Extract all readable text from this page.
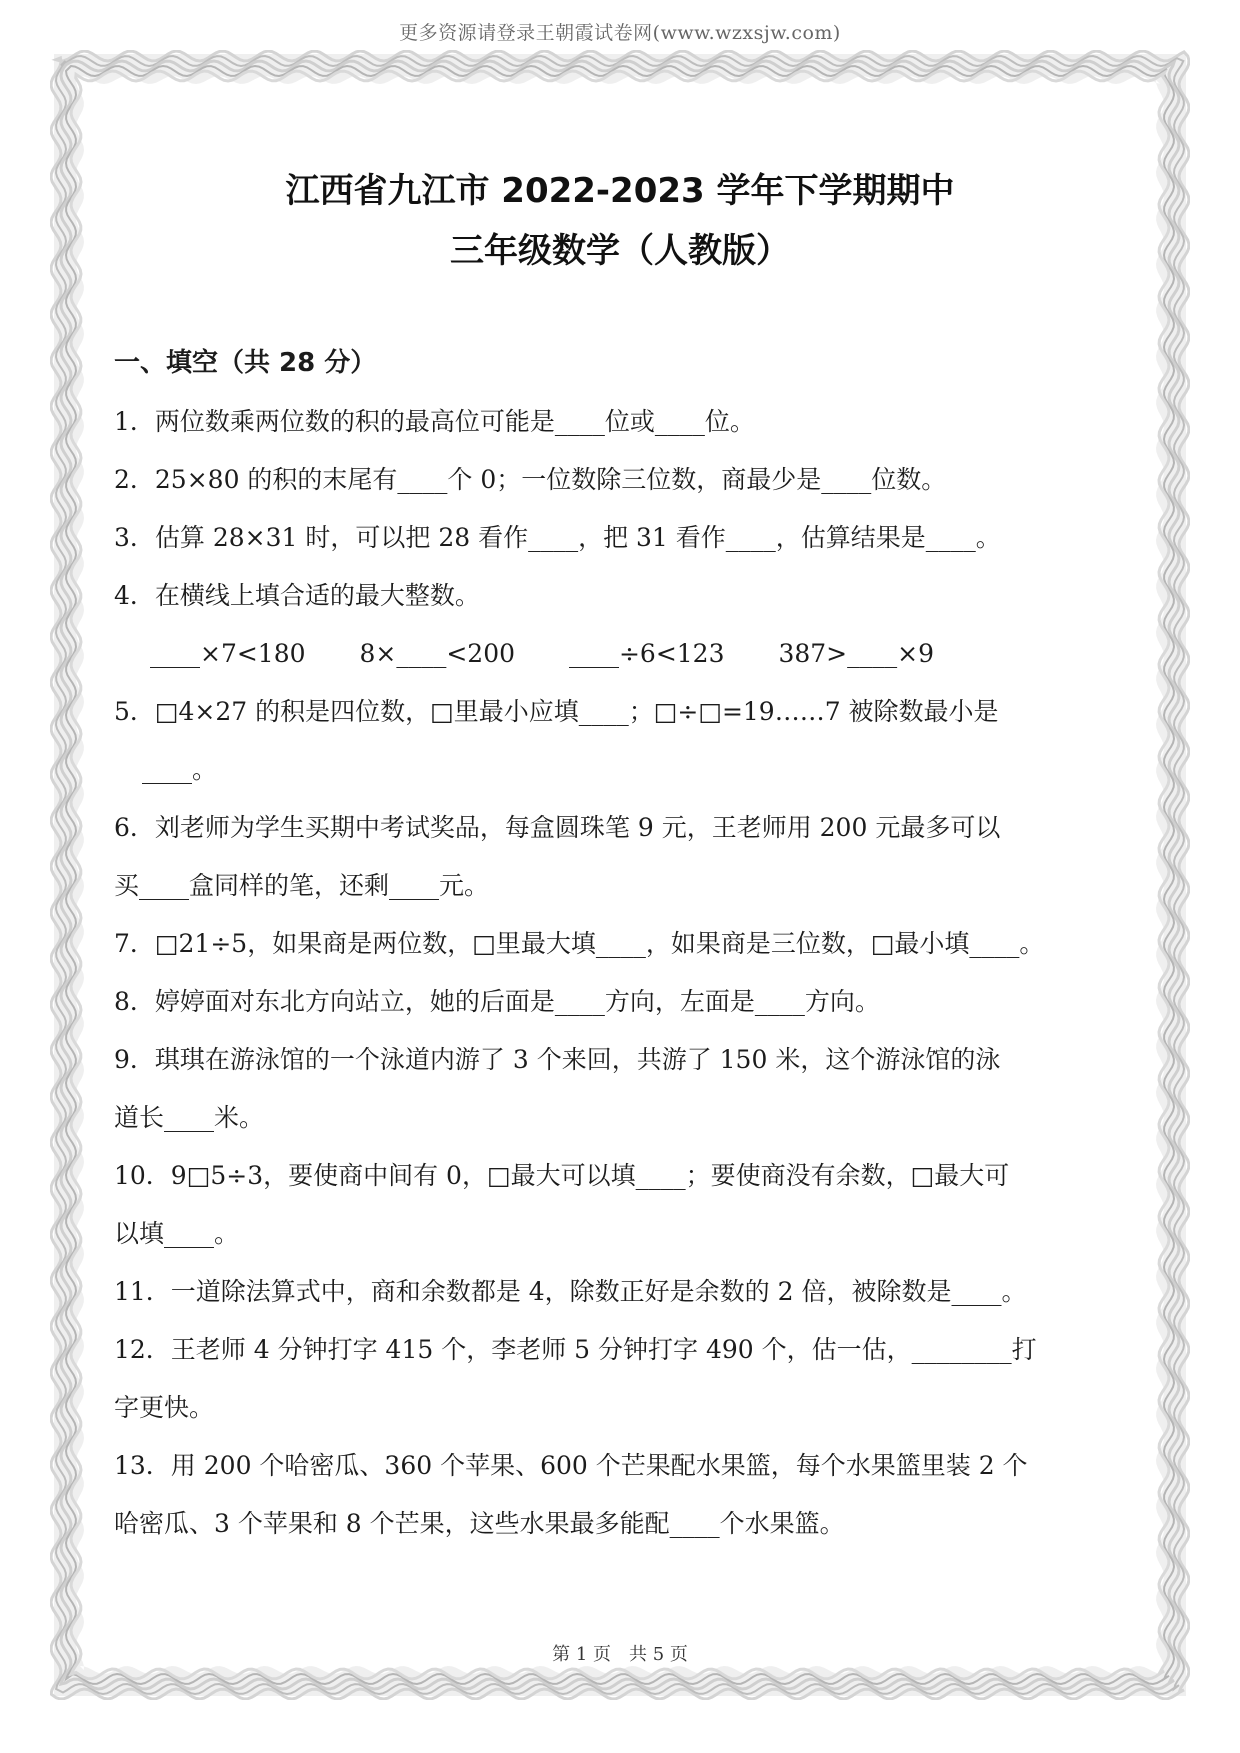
更多资源请登录王朝霞试卷网(www.wzxsjw.com)
江西省九江市 2022-2023 学年下学期期中
三年级数学（人教版）
一、填空（共 28 分）
1．两位数乘两位数的积的最高位可能是____位或____位。
2．25×80 的积的末尾有____个 0；一位数除三位数，商最少是____位数。
3．估算 28×31 时，可以把 28 看作____，把 31 看作____，估算结果是____。
4．在横线上填合适的最大整数。
____×7<180 8×____<200 ____÷6<123 387>____×9
5．□4×27 的积是四位数，□里最小应填____；□÷□=19……7 被除数最小是
____。
6．刘老师为学生买期中考试奖品，每盒圆珠笔 9 元，王老师用 200 元最多可以
买____盒同样的笔，还剩____元。
7．□21÷5，如果商是两位数，□里最大填____，如果商是三位数，□最小填____。
8．婷婷面对东北方向站立，她的后面是____方向，左面是____方向。
9．琪琪在游泳馆的一个泳道内游了 3 个来回，共游了 150 米，这个游泳馆的泳
道长____米。
10．9□5÷3，要使商中间有 0，□最大可以填____；要使商没有余数，□最大可
以填____。
11．一道除法算式中，商和余数都是 4，除数正好是余数的 2 倍，被除数是____。
12．王老师 4 分钟打字 415 个，李老师 5 分钟打字 490 个，估一估，________打
字更快。
13．用 200 个哈密瓜、360 个苹果、600 个芒果配水果篮，每个水果篮里装 2 个
哈密瓜、3 个苹果和 8 个芒果，这些水果最多能配____个水果篮。
第 1 页　共 5 页
